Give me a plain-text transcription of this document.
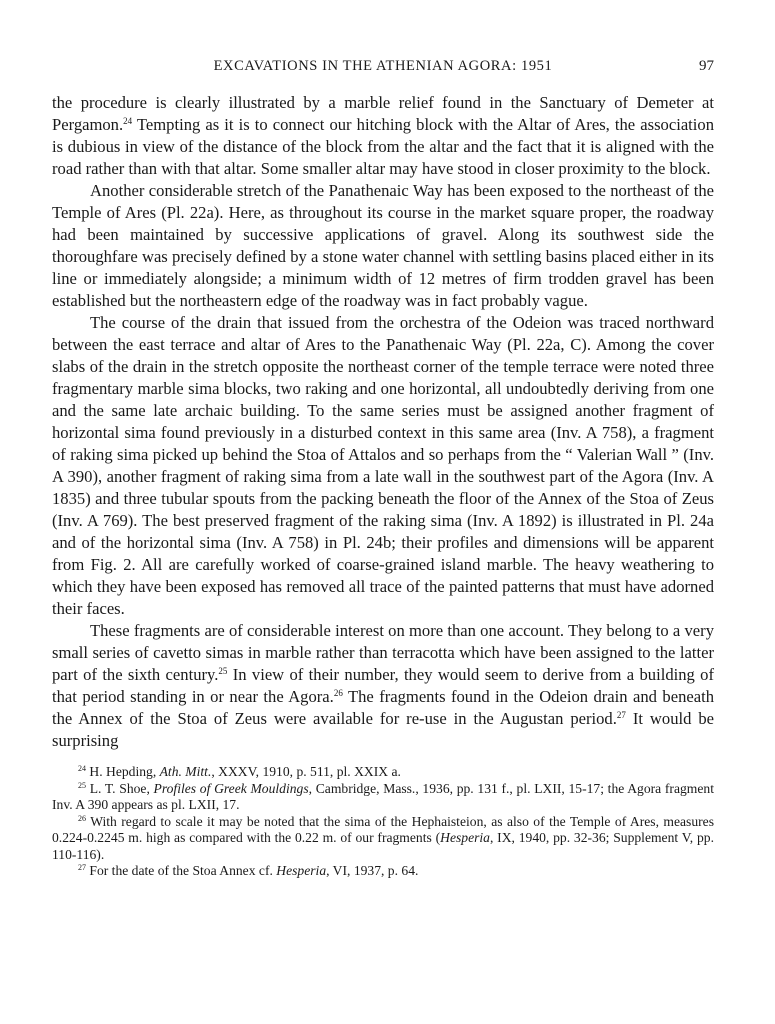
EXCAVATIONS IN THE ATHENIAN AGORA: 1951	97

the procedure is clearly illustrated by a marble relief found in the Sanctuary of Demeter at Pergamon.$^{24}$ Tempting as it is to connect our hitching block with the Altar of Ares, the association is dubious in view of the distance of the block from the altar and the fact that it is aligned with the road rather than with that altar. Some smaller altar may have stood in closer proximity to the block.

Another considerable stretch of the Panathenaic Way has been exposed to the northeast of the Temple of Ares (Pl. 22a). Here, as throughout its course in the market square proper, the roadway had been maintained by successive applications of gravel. Along its southwest side the thoroughfare was precisely defined by a stone water channel with settling basins placed either in its line or immediately alongside; a minimum width of 12 metres of firm trodden gravel has been established but the northeastern edge of the roadway was in fact probably vague.

The course of the drain that issued from the orchestra of the Odeion was traced northward between the east terrace and altar of Ares to the Panathenaic Way (Pl. 22a, C). Among the cover slabs of the drain in the stretch opposite the northeast corner of the temple terrace were noted three fragmentary marble sima blocks, two raking and one horizontal, all undoubtedly deriving from one and the same late archaic building. To the same series must be assigned another fragment of horizontal sima found previously in a disturbed context in this same area (Inv. A 758), a fragment of raking sima picked up behind the Stoa of Attalos and so perhaps from the “ Valerian Wall ” (Inv. A 390), another fragment of raking sima from a late wall in the southwest part of the Agora (Inv. A 1835) and three tubular spouts from the packing beneath the floor of the Annex of the Stoa of Zeus (Inv. A 769). The best preserved fragment of the raking sima (Inv. A 1892) is illustrated in Pl. 24a and of the horizontal sima (Inv. A 758) in Pl. 24b; their profiles and dimensions will be apparent from Fig. 2. All are carefully worked of coarse-grained island marble. The heavy weathering to which they have been exposed has removed all trace of the painted patterns that must have adorned their faces.

These fragments are of considerable interest on more than one account. They belong to a very small series of cavetto simas in marble rather than terracotta which have been assigned to the latter part of the sixth century.$^{25}$ In view of their number, they would seem to derive from a building of that period standing in or near the Agora.$^{26}$ The fragments found in the Odeion drain and beneath the Annex of the Stoa of Zeus were available for re-use in the Augustan period.$^{27}$ It would be surprising

$^{24}$ H. Hepding, Ath. Mitt., XXXV, 1910, p. 511, pl. XXIX a.

$^{25}$ L. T. Shoe, Profiles of Greek Mouldings, Cambridge, Mass., 1936, pp. 131 f., pl. LXII, 15-17; the Agora fragment Inv. A 390 appears as pl. LXII, 17.

$^{26}$ With regard to scale it may be noted that the sima of the Hephaisteion, as also of the Temple of Ares, measures 0.224-0.2245 m. high as compared with the 0.22 m. of our fragments (Hesperia, IX, 1940, pp. 32-36; Supplement V, pp. 110-116).

$^{27}$ For the date of the Stoa Annex cf. Hesperia, VI, 1937, p. 64.
